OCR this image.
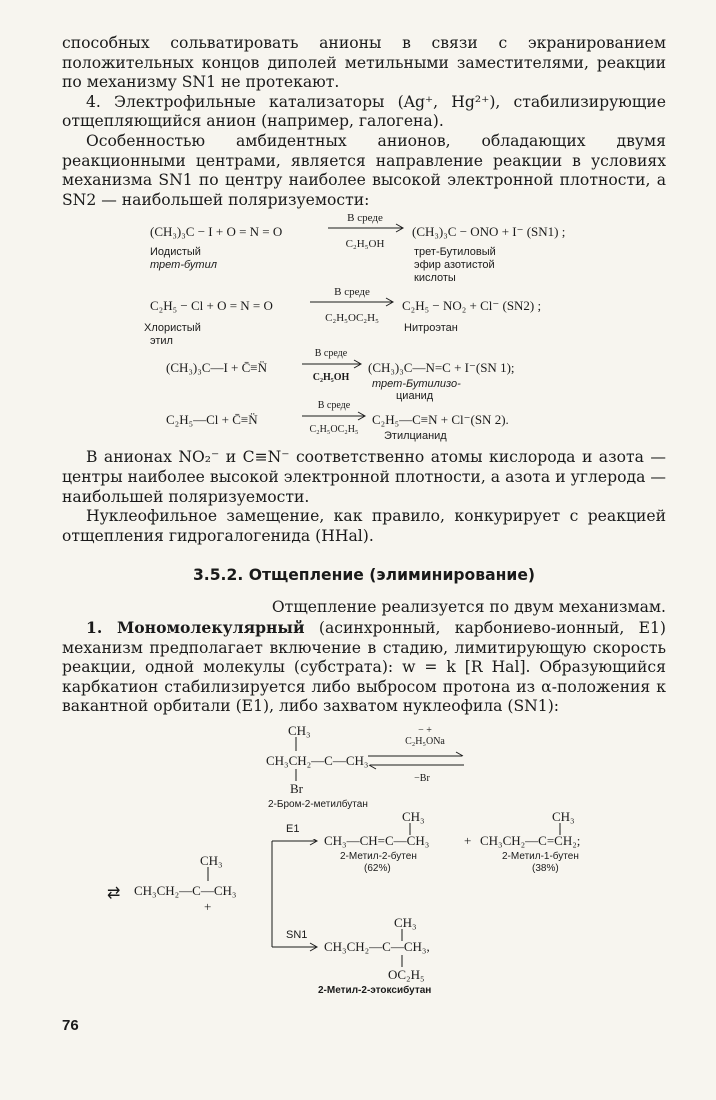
способных сольватировать анионы в связи с экранированием положительных концов диполей метильными заместителями, реакции по механизму SN1 не протекают.

4. Электрофильные катализаторы (Ag⁺, Hg²⁺), стабилизирующие отщепляющийся анион (например, галогена).

Особенностью амбидентных анионов, обладающих двумя реакционными центрами, является направление реакции в условиях механизма SN1 по центру наиболее высокой электронной плотности, а SN2 — наибольшей поляризуемости:

(CH₃)₃C − I + O = N = O
В среде
C₂H₅OH
(CH₃)₃C − ONO + I⁻ (SN1) ;
Иодистый
трет-бутил
трет-Бутиловый
эфир азотистой
кислоты
C₂H₅ − Cl + O = N = O
В среде
C₂H₅OC₂H₅
C₂H₅ − NO₂ + Cl⁻ (SN2) ;
Хлористый
этил
Нитроэтан
(CH₃)₃C—I + C̄≡N̈
В среде
C₂H₅OH
(CH₃)₃C—N=C + I⁻(SN 1);
трет-Бутилизо-
цианид
C₂H₅—Cl + C̄≡N̈
В среде
C₂H₅OC₂H₅
C₂H₅—C≡N + Cl⁻(SN 2).
Этилцианид

В анионах NO₂⁻ и C≡N⁻ соответственно атомы кислорода и азота — центры наиболее высокой электронной плотности, а азота и углерода — наибольшей поляризуемости.

Нуклеофильное замещение, как правило, конкурирует с реакцией отщепления гидрогалогенида (HHal).

3.5.2. Отщепление (элиминирование)

Отщепление реализуется по двум механизмам.

1. Мономолекулярный (асинхронный, карбониево-ионный, E1) механизм предполагает включение в стадию, лимитирующую скорость реакции, одной молекулы (субстрата): w = k [R Hal]. Образующийся карбкатион стабилизируется либо выбросом протона из α-положения к вакантной орбитали (E1), либо захватом нуклеофила (SN1):

CH₃
CH₃CH₂—C—CH₃
Br
− +
C₂H₅ONa
−Br
2-Бром-2-метилбутан
⇄
CH₃
CH₃CH₂—C—CH₃
+
E1
SN1
CH₃
CH₃—CH=C—CH₃
2-Метил-2-бутен
(62%)
+
CH₃
CH₃CH₂—C=CH₂;
2-Метил-1-бутен
(38%)
CH₃
CH₃CH₂—C—CH₃,
OC₂H₅
2-Метил-2-этоксибутан
76
